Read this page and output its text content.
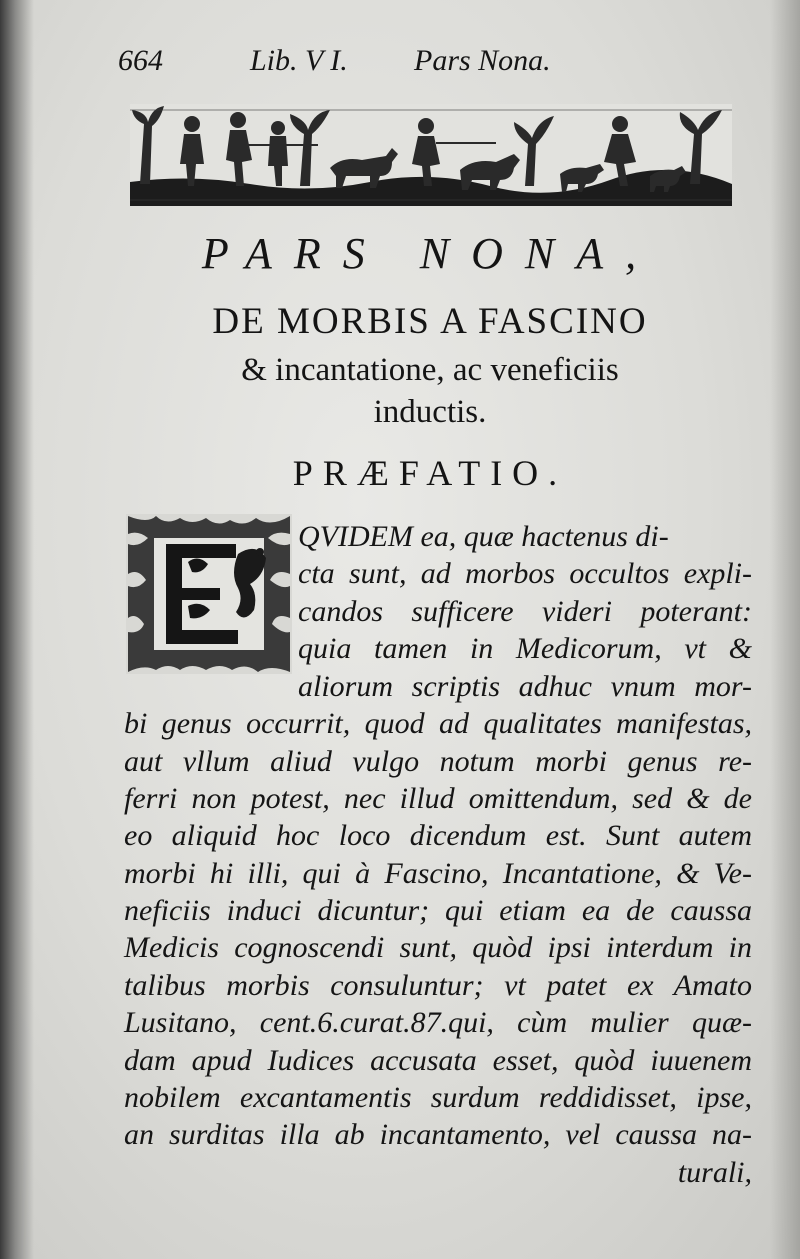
664	Lib. V I. Pars Nona.
PARS NONA,
DE MORBIS A FASCINO
& incantatione, ac veneficiis
inductis.
PRÆFATIO.
QVIDEM ea, quæ hactenus di-
cta sunt, ad morbos occultos expli-
candos sufficere videri poterant:
quia tamen in Medicorum, vt &
aliorum scriptis adhuc vnum mor-
bi genus occurrit, quod ad qualitates manifestas,
aut vllum aliud vulgo notum morbi genus re-
ferri non potest, nec illud omittendum, sed & de
eo aliquid hoc loco dicendum est. Sunt autem
morbi hi illi, qui à Fascino, Incantatione, & Ve-
neficiis induci dicuntur; qui etiam ea de caussa
Medicis cognoscendi sunt, quòd ipsi interdum in
talibus morbis consuluntur; vt patet ex Amato
Lusitano, cent.6.curat.87.qui, cùm mulier quæ-
dam apud Iudices accusata esset, quòd iuuenem
nobilem excantamentis surdum reddidisset, ipse,
an surditas illa ab incantamento, vel caussa na-
turali,
